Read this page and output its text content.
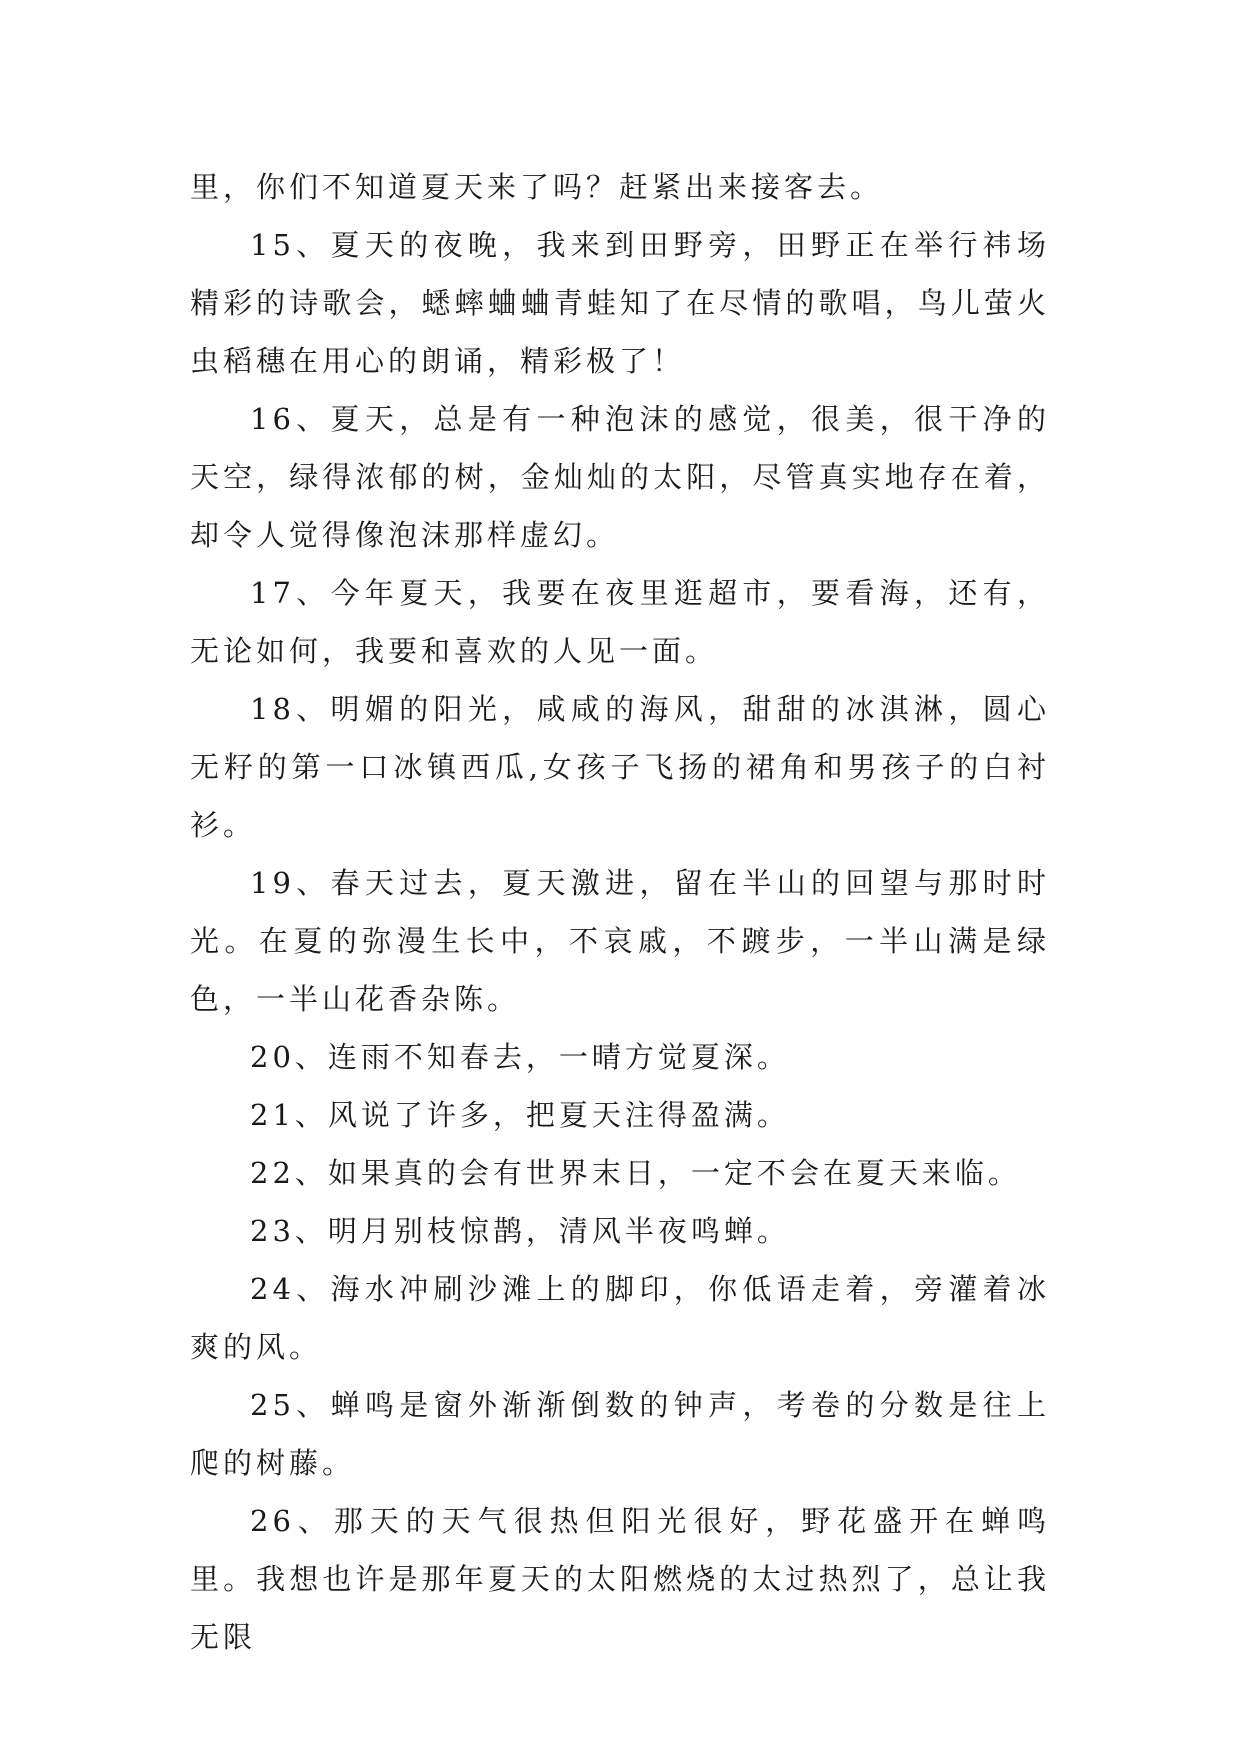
里，你们不知道夏天来了吗？赶紧出来接客去。

15、夏天的夜晚，我来到田野旁，田野正在举行祎场精彩的诗歌会，蟋蟀蛐蛐青蛙知了在尽情的歌唱，鸟儿萤火虫稻穗在用心的朗诵，精彩极了！

16、夏天，总是有一种泡沫的感觉，很美，很干净的天空，绿得浓郁的树，金灿灿的太阳，尽管真实地存在着，却令人觉得像泡沫那样虚幻。

17、今年夏天，我要在夜里逛超市，要看海，还有，无论如何，我要和喜欢的人见一面。

18、明媚的阳光，咸咸的海风，甜甜的冰淇淋，圆心无籽的第一口冰镇西瓜,女孩子飞扬的裙角和男孩子的白衬衫。

19、春天过去，夏天激进，留在半山的回望与那时时光。在夏的弥漫生长中，不哀戚，不踱步，一半山满是绿色，一半山花香杂陈。

20、连雨不知春去，一晴方觉夏深。

21、风说了许多，把夏天注得盈满。

22、如果真的会有世界末日，一定不会在夏天来临。

23、明月别枝惊鹊，清风半夜鸣蝉。

24、海水冲刷沙滩上的脚印，你低语走着，旁灌着冰爽的风。

25、蝉鸣是窗外渐渐倒数的钟声，考卷的分数是往上爬的树藤。

26、那天的天气很热但阳光很好，野花盛开在蝉鸣里。我想也许是那年夏天的太阳燃烧的太过热烈了，总让我无限
